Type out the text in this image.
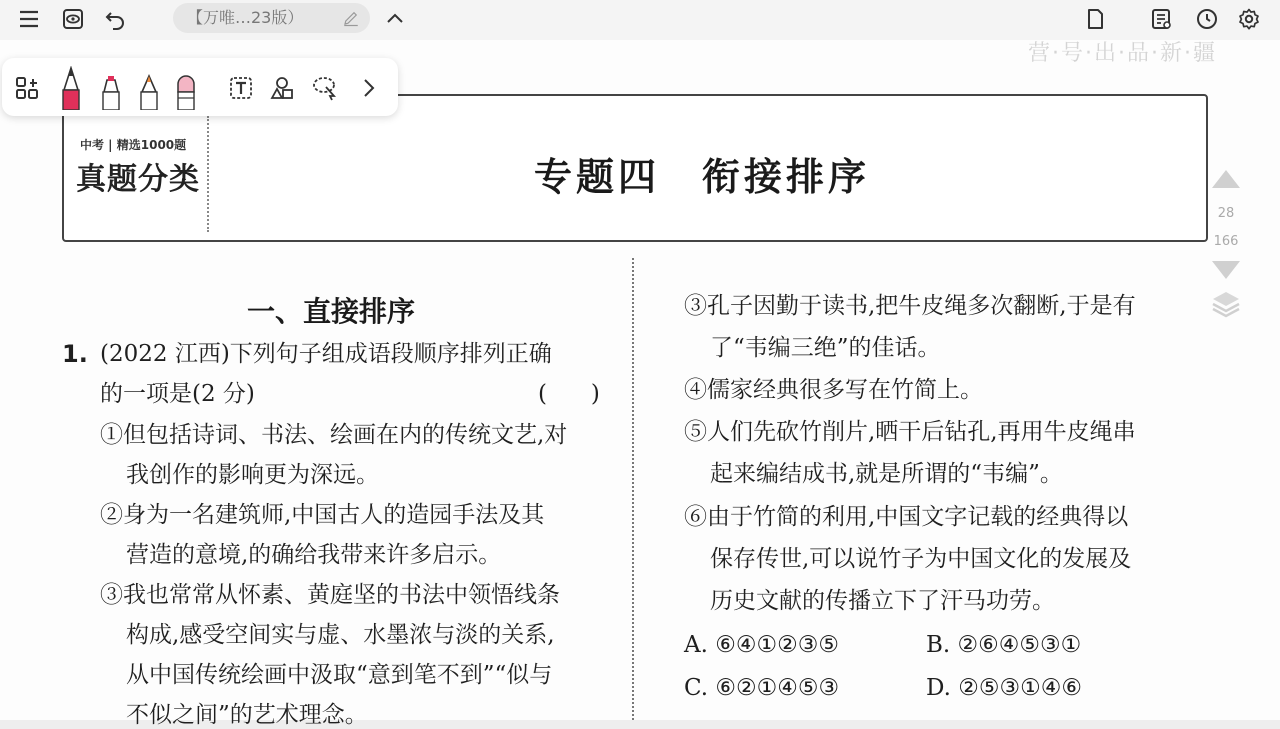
【万唯…23版）
中考 | 精选1000题
真题分类	专题四　衔接排序
28
166
一、直接排序
1. (2022 江西)下列句子组成语段顺序排列正确
的一项是(2 分)	(      )
①但包括诗词、书法、绘画在内的传统文艺,对
我创作的影响更为深远。
②身为一名建筑师,中国古人的造园手法及其
营造的意境,的确给我带来许多启示。
③我也常常从怀素、黄庭坚的书法中领悟线条
构成,感受空间实与虚、水墨浓与淡的关系,
从中国传统绘画中汲取“意到笔不到”“似与
不似之间”的艺术理念。
③孔子因勤于读书,把牛皮绳多次翻断,于是有
了“韦编三绝”的佳话。
④儒家经典很多写在竹简上。
⑤人们先砍竹削片,晒干后钻孔,再用牛皮绳串
起来编结成书,就是所谓的“韦编”。
⑥由于竹简的利用,中国文字记载的经典得以
保存传世,可以说竹子为中国文化的发展及
历史文献的传播立下了汗马功劳。
A. ⑥④①②③⑤	B. ②⑥④⑤③①
C. ⑥②①④⑤③	D. ②⑤③①④⑥
营·号·出·品·新·疆
